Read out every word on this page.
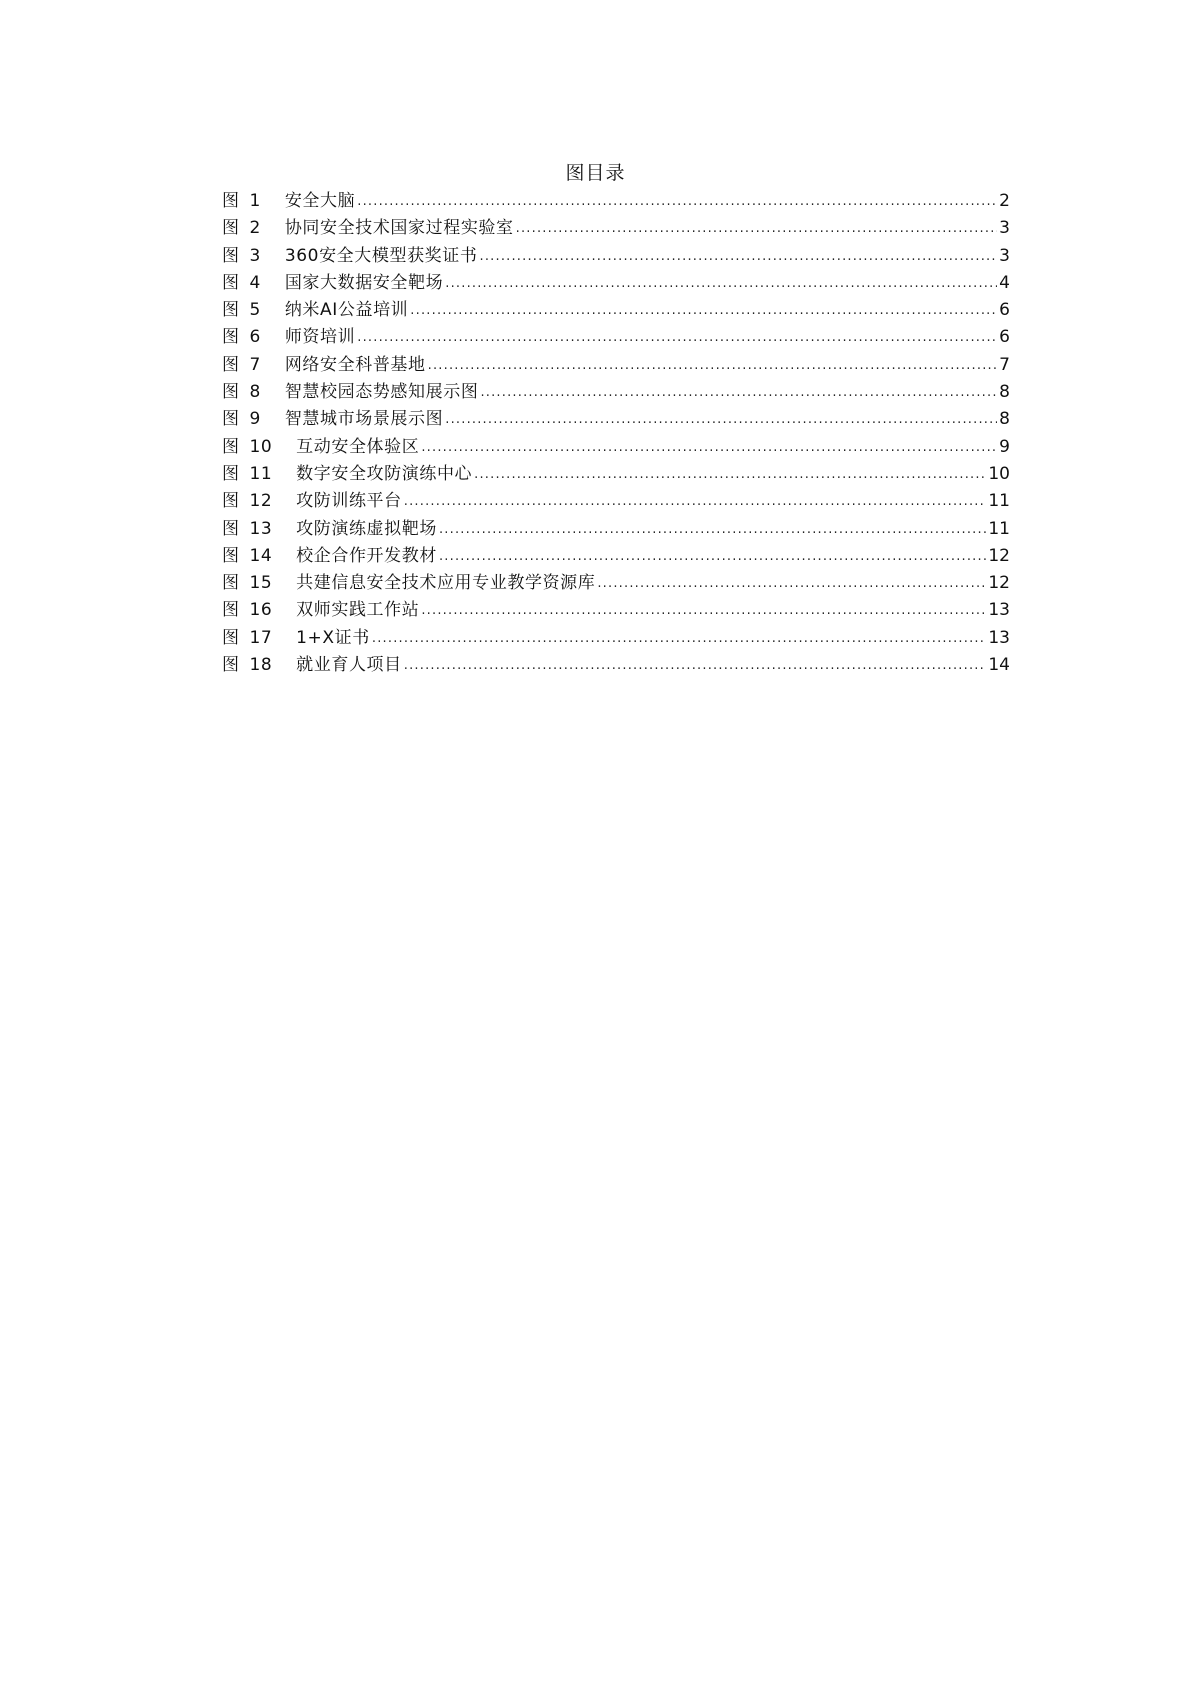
图目录
图 1 安全大脑 .....	2
图 2 协同安全技术国家过程实验室 .....	3
图 3 360安全大模型获奖证书 .....	3
图 4 国家大数据安全靶场 .....	4
图 5 纳米AI公益培训 .....	6
图 6 师资培训 .....	6
图 7 网络安全科普基地 .....	7
图 8 智慧校园态势感知展示图 .....	8
图 9 智慧城市场景展示图 .....	8
图 10 互动安全体验区 .....	9
图 11 数字安全攻防演练中心 .....	10
图 12 攻防训练平台 .....	11
图 13 攻防演练虚拟靶场 .....	11
图 14 校企合作开发教材 .....	12
图 15 共建信息安全技术应用专业教学资源库 .....	12
图 16 双师实践工作站 .....	13
图 17 1+X证书 .....	13
图 18 就业育人项目 .....	14
